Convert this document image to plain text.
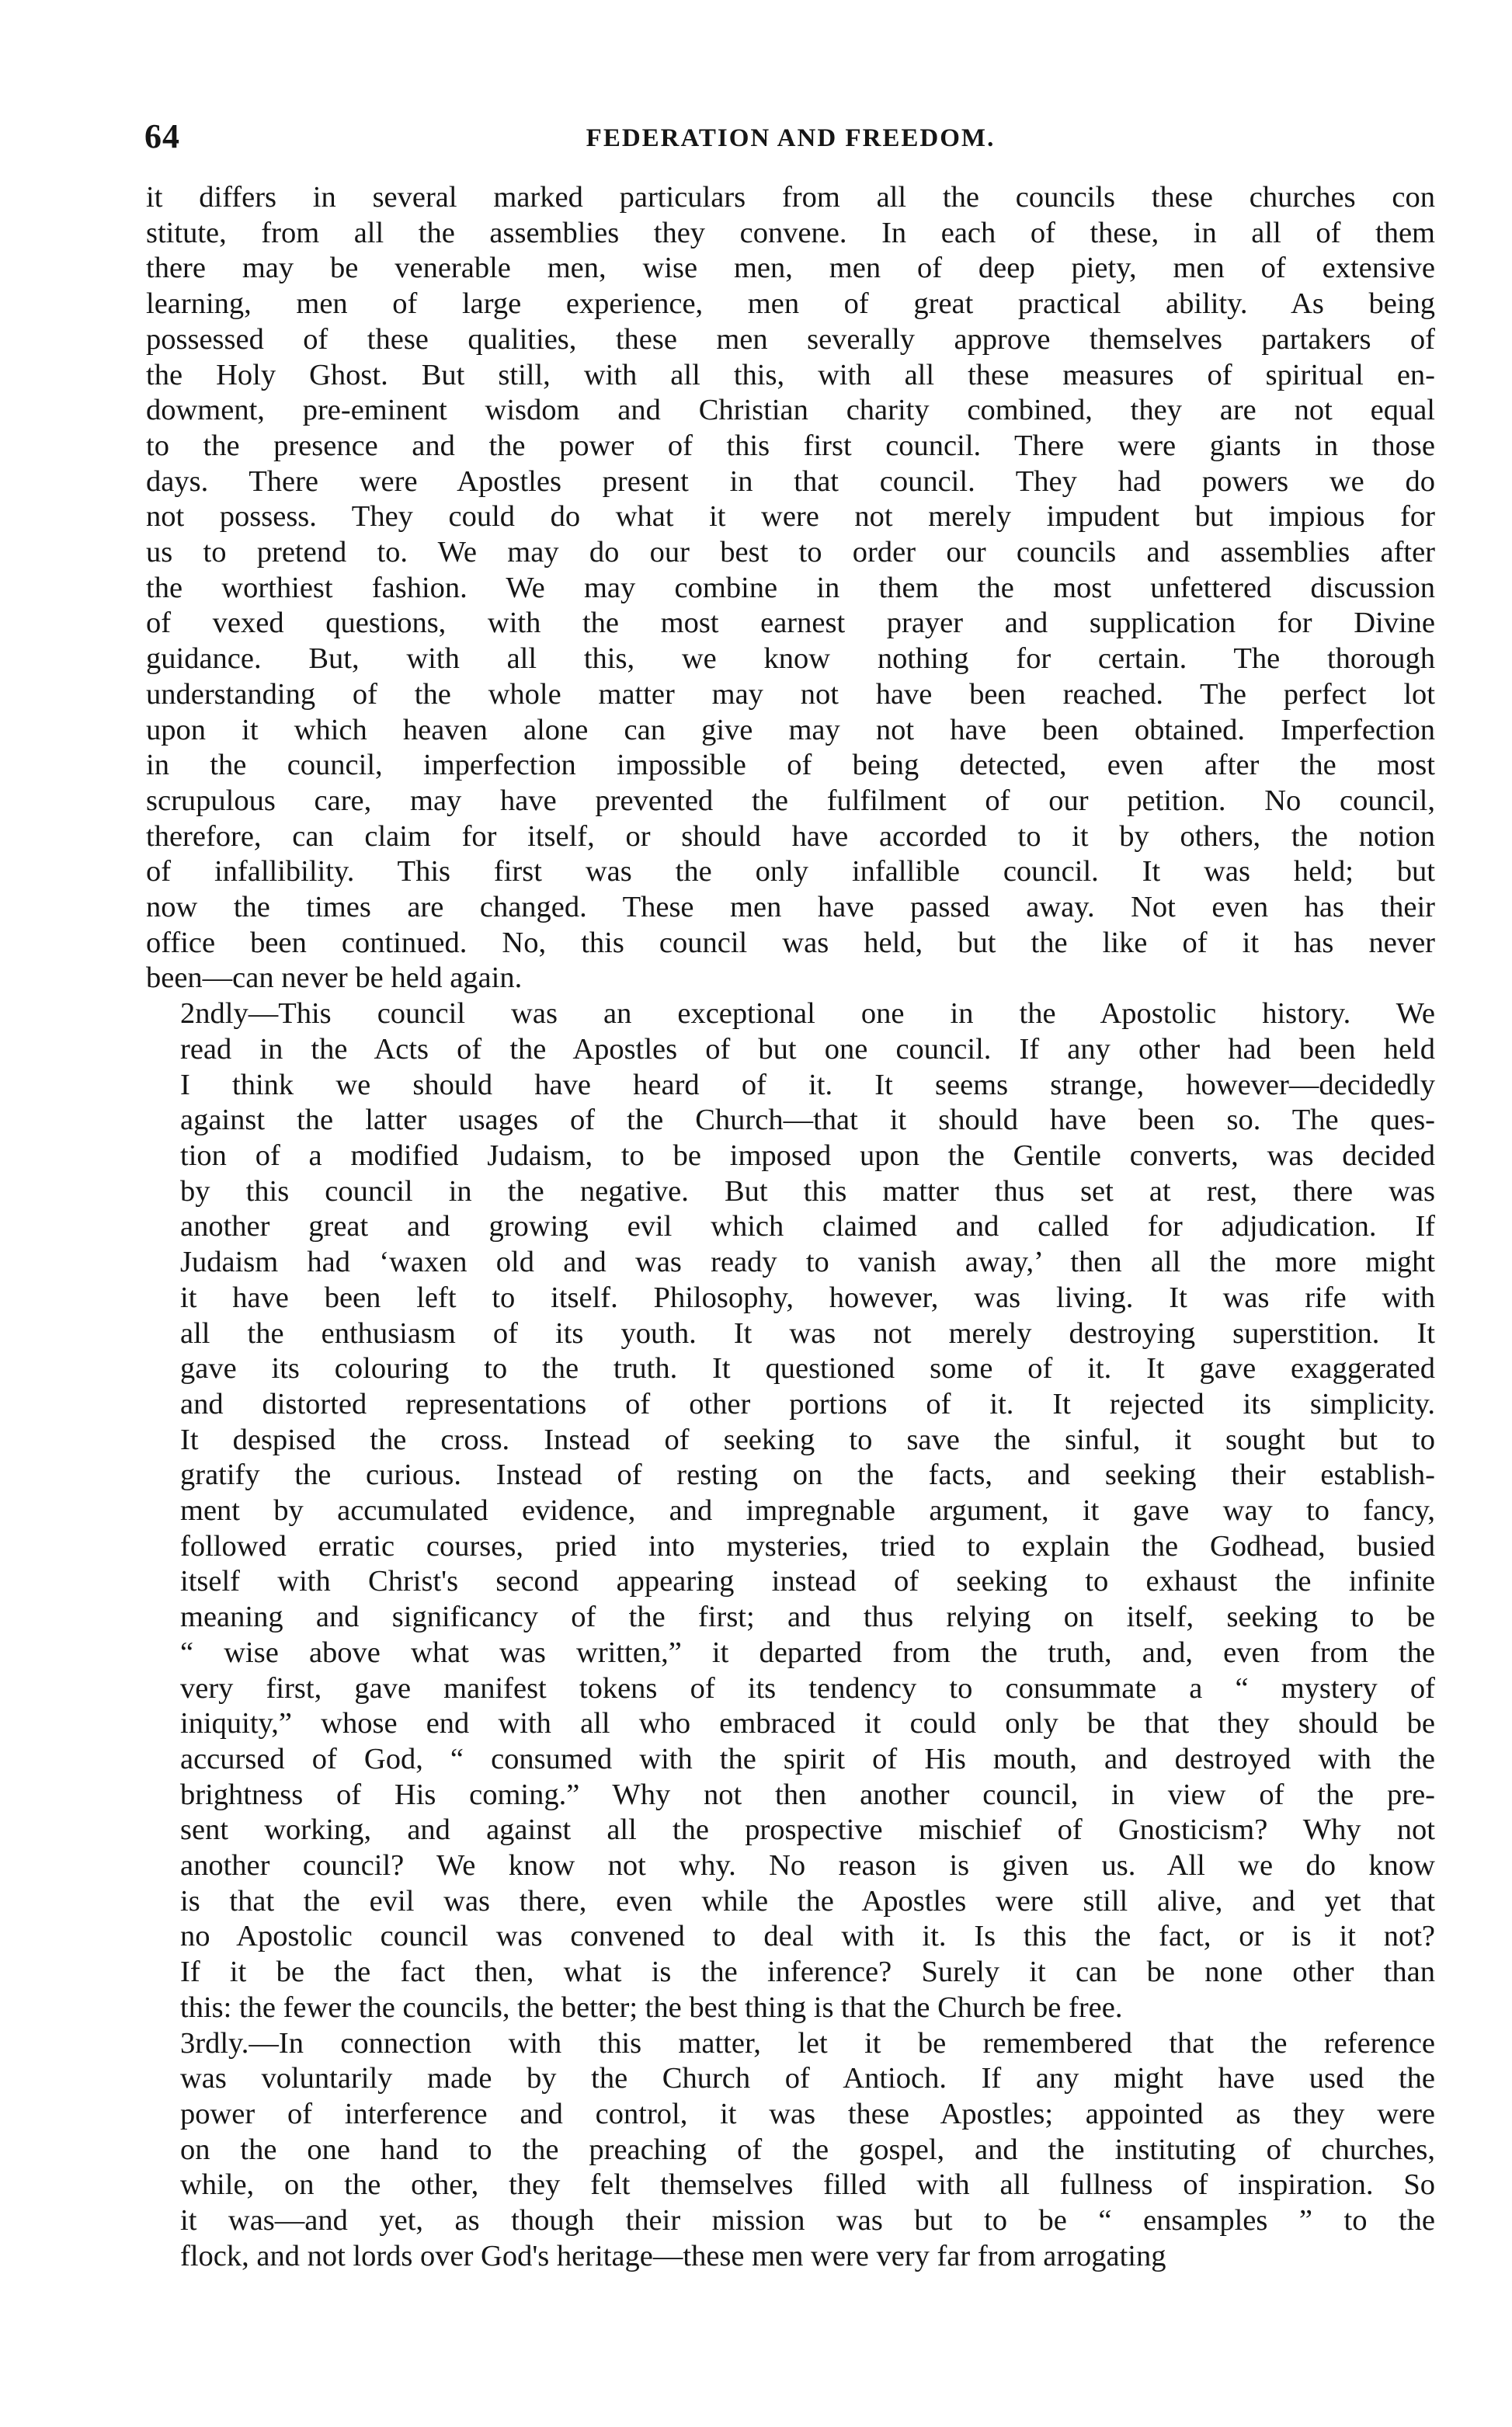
64	FEDERATION AND FREEDOM.
it differs in several marked particulars from all the councils these churches con
stitute, from all the assemblies they convene. In each of these, in all of them
there may be venerable men, wise men, men of deep piety, men of extensive
learning, men of large experience, men of great practical ability. As being
possessed of these qualities, these men severally approve themselves partakers of
the Holy Ghost. But still, with all this, with all these measures of spiritual en-
dowment, pre-eminent wisdom and Christian charity combined, they are not equal
to the presence and the power of this first council. There were giants in those
days. There were Apostles present in that council. They had powers we do
not possess. They could do what it were not merely impudent but impious for
us to pretend to. We may do our best to order our councils and assemblies after
the worthiest fashion. We may combine in them the most unfettered discussion
of vexed questions, with the most earnest prayer and supplication for Divine
guidance. But, with all this, we know nothing for certain. The thorough
understanding of the whole matter may not have been reached. The perfect lot
upon it which heaven alone can give may not have been obtained. Imperfection
in the council, imperfection impossible of being detected, even after the most
scrupulous care, may have prevented the fulfilment of our petition. No council,
therefore, can claim for itself, or should have accorded to it by others, the notion
of infallibility. This first was the only infallible council. It was held; but
now the times are changed. These men have passed away. Not even has their
office been continued. No, this council was held, but the like of it has never
been—can never be held again.
2ndly—This council was an exceptional one in the Apostolic history. We
read in the Acts of the Apostles of but one council. If any other had been held
I think we should have heard of it. It seems strange, however—decidedly
against the latter usages of the Church—that it should have been so. The ques-
tion of a modified Judaism, to be imposed upon the Gentile converts, was decided
by this council in the negative. But this matter thus set at rest, there was
another great and growing evil which claimed and called for adjudication. If
Judaism had ‘waxen old and was ready to vanish away,’ then all the more might
it have been left to itself. Philosophy, however, was living. It was rife with
all the enthusiasm of its youth. It was not merely destroying superstition. It
gave its colouring to the truth. It questioned some of it. It gave exaggerated
and distorted representations of other portions of it. It rejected its simplicity.
It despised the cross. Instead of seeking to save the sinful, it sought but to
gratify the curious. Instead of resting on the facts, and seeking their establish-
ment by accumulated evidence, and impregnable argument, it gave way to fancy,
followed erratic courses, pried into mysteries, tried to explain the Godhead, busied
itself with Christ's second appearing instead of seeking to exhaust the infinite
meaning and significancy of the first; and thus relying on itself, seeking to be
“ wise above what was written,” it departed from the truth, and, even from the
very first, gave manifest tokens of its tendency to consummate a “ mystery of
iniquity,” whose end with all who embraced it could only be that they should be
accursed of God, “ consumed with the spirit of His mouth, and destroyed with the
brightness of His coming.” Why not then another council, in view of the pre-
sent working, and against all the prospective mischief of Gnosticism? Why not
another council? We know not why. No reason is given us. All we do know
is that the evil was there, even while the Apostles were still alive, and yet that
no Apostolic council was convened to deal with it. Is this the fact, or is it not?
If it be the fact then, what is the inference? Surely it can be none other than
this: the fewer the councils, the better; the best thing is that the Church be free.
3rdly.—In connection with this matter, let it be remembered that the reference
was voluntarily made by the Church of Antioch. If any might have used the
power of interference and control, it was these Apostles; appointed as they were
on the one hand to the preaching of the gospel, and the instituting of churches,
while, on the other, they felt themselves filled with all fullness of inspiration. So
it was—and yet, as though their mission was but to be “ ensamples ” to the
flock, and not lords over God's heritage—these men were very far from arrogating
